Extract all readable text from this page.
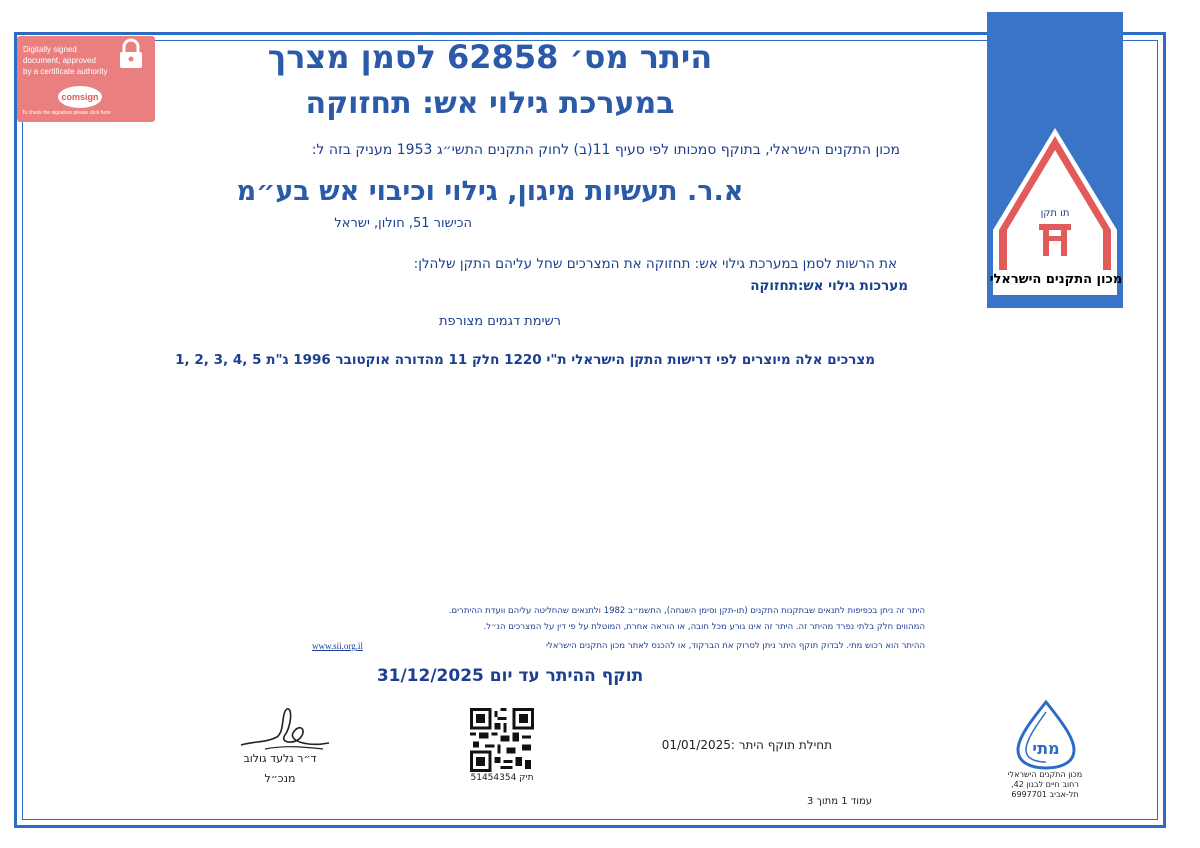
תו תקן
מכון התקנים הישראלי
Digitally signed
document, approved
by a certificate authority
comsign
To check the signature please click here
היתר מס׳ 62858 לסמן מצרך
במערכת גילוי אש: תחזוקה
מכון התקנים הישראלי, בתוקף סמכותו לפי סעיף 11(ב) לחוק התקנים התשי״ג 1953 מעניק בזה ל:
א.ר. תעשיות מיגון, גילוי וכיבוי אש בע״מ
הכישור 51, חולון, ישראל
את הרשות לסמן במערכת גילוי אש: תחזוקה את המצרכים שחל עליהם התקן שלהלן:
מערכות גילוי אש:תחזוקה
רשימת דגמים מצורפת
מצרכים אלה מיוצרים לפי דרישות התקן הישראלי ת"י 1220 חלק 11 מהדורה אוקטובר 1996 ג"ת 5 ,4 ,3 ,2 ,1
היתר זה ניתן בכפיפות לתנאים שבתקנות התקנים (תו-תקן וסימן השגחה), התשמ״ב 1982 ולתנאים שהחליטה עליהם וועדת ההיתרים.
המהווים חלק בלתי נפרד מהיתר זה. היתר זה אינו גורע מכל חובה, או הוראה אחרת, המוטלת על פי דין על המצרכים הנ״ל.
ההיתר הוא רכוש מתי. לבדוק תוקף היתר ניתן לסרוק את הברקוד, או להכנס לאתר מכון התקנים הישראלי
www.sii.org.il
תוקף ההיתר עד יום 31/12/2025
ד״ר גלעד גולוב
מנכ״ל	51454354 תיק
תחילת תוקף היתר :01/01/2025
עמוד 1 מתוך 3
מתי
מכון התקנים הישראלי
רחוב חיים לבנון 42,
תל-אביב 6997701
